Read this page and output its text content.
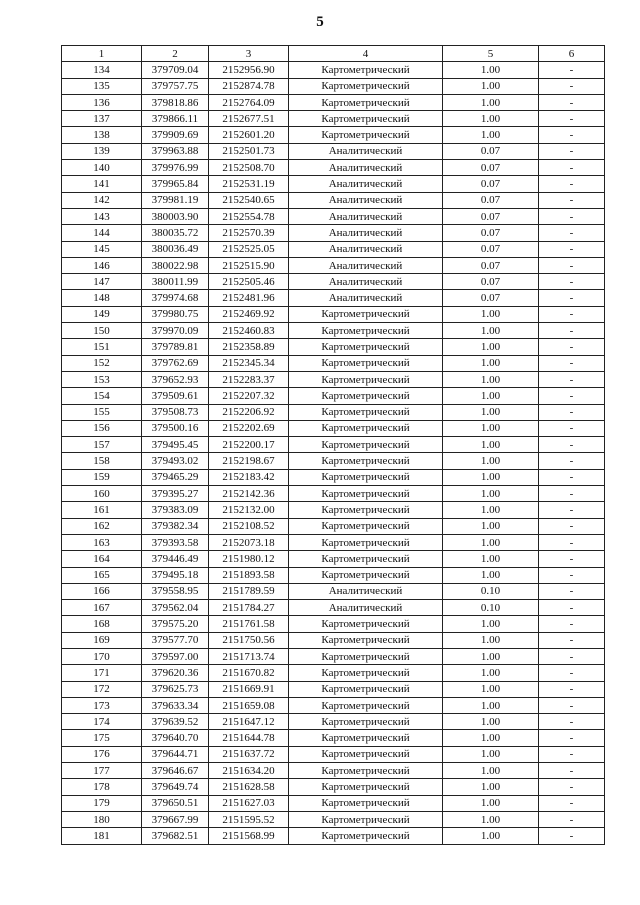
5
1	2	3	4	5	6
134	379709.04	2152956.90	Картометрический	1.00	-
135	379757.75	2152874.78	Картометрический	1.00	-
136	379818.86	2152764.09	Картометрический	1.00	-
137	379866.11	2152677.51	Картометрический	1.00	-
138	379909.69	2152601.20	Картометрический	1.00	-
139	379963.88	2152501.73	Аналитический	0.07	-
140	379976.99	2152508.70	Аналитический	0.07	-
141	379965.84	2152531.19	Аналитический	0.07	-
142	379981.19	2152540.65	Аналитический	0.07	-
143	380003.90	2152554.78	Аналитический	0.07	-
144	380035.72	2152570.39	Аналитический	0.07	-
145	380036.49	2152525.05	Аналитический	0.07	-
146	380022.98	2152515.90	Аналитический	0.07	-
147	380011.99	2152505.46	Аналитический	0.07	-
148	379974.68	2152481.96	Аналитический	0.07	-
149	379980.75	2152469.92	Картометрический	1.00	-
150	379970.09	2152460.83	Картометрический	1.00	-
151	379789.81	2152358.89	Картометрический	1.00	-
152	379762.69	2152345.34	Картометрический	1.00	-
153	379652.93	2152283.37	Картометрический	1.00	-
154	379509.61	2152207.32	Картометрический	1.00	-
155	379508.73	2152206.92	Картометрический	1.00	-
156	379500.16	2152202.69	Картометрический	1.00	-
157	379495.45	2152200.17	Картометрический	1.00	-
158	379493.02	2152198.67	Картометрический	1.00	-
159	379465.29	2152183.42	Картометрический	1.00	-
160	379395.27	2152142.36	Картометрический	1.00	-
161	379383.09	2152132.00	Картометрический	1.00	-
162	379382.34	2152108.52	Картометрический	1.00	-
163	379393.58	2152073.18	Картометрический	1.00	-
164	379446.49	2151980.12	Картометрический	1.00	-
165	379495.18	2151893.58	Картометрический	1.00	-
166	379558.95	2151789.59	Аналитический	0.10	-
167	379562.04	2151784.27	Аналитический	0.10	-
168	379575.20	2151761.58	Картометрический	1.00	-
169	379577.70	2151750.56	Картометрический	1.00	-
170	379597.00	2151713.74	Картометрический	1.00	-
171	379620.36	2151670.82	Картометрический	1.00	-
172	379625.73	2151669.91	Картометрический	1.00	-
173	379633.34	2151659.08	Картометрический	1.00	-
174	379639.52	2151647.12	Картометрический	1.00	-
175	379640.70	2151644.78	Картометрический	1.00	-
176	379644.71	2151637.72	Картометрический	1.00	-
177	379646.67	2151634.20	Картометрический	1.00	-
178	379649.74	2151628.58	Картометрический	1.00	-
179	379650.51	2151627.03	Картометрический	1.00	-
180	379667.99	2151595.52	Картометрический	1.00	-
181	379682.51	2151568.99	Картометрический	1.00	-
